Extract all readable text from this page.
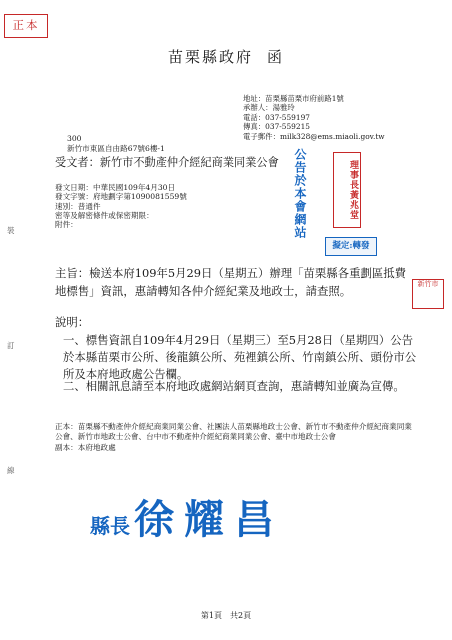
正本
苗栗縣政府 函
地址：苗栗縣苗栗市府前路1號
承辦人：湯雅玲
電話：037-559197
傳真：037-559215
電子郵件：milk328@ems.miaoli.gov.tw
300
新竹市東區自由路67號6樓-1
受文者：新竹市不動產仲介經紀商業同業公會
發文日期：中華民國109年4月30日
發文字號：府地劃字第1090081559號
速別：普通件
密等及解密條件或保密期限：
附件：
裝
訂
線
公告於本會網站	理事長黃兆堂
擬定:轉發
新竹市
主旨：檢送本府109年5月29日（星期五）辦理「苗栗縣各重劃區抵費地標售」資訊，惠請轉知各仲介經紀業及地政士，請查照。
說明：
一、標售資訊自109年4月29日（星期三）至5月28日（星期四）公告於本縣苗栗市公所、後龍鎮公所、苑裡鎮公所、竹南鎮公所、頭份市公所及本府地政處公告欄。
二、相關訊息請至本府地政處網站網頁查詢，惠請轉知並廣為宣傳。
正本：苗栗縣不動產仲介經紀商業同業公會、社團法人苗栗縣地政士公會、新竹市不動產仲介經紀商業同業公會、新竹市地政士公會、台中市不動產仲介經紀商業同業公會、臺中市地政士公會
副本：本府地政處
縣長 徐耀昌
第1頁　共2頁
